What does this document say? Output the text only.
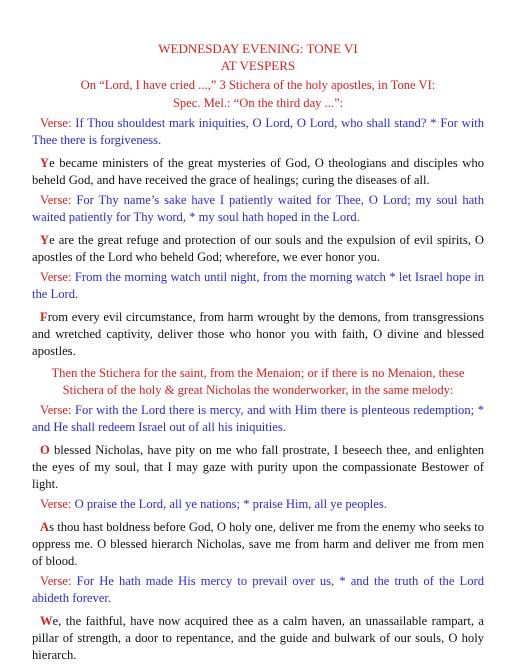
WEDNESDAY EVENING: TONE VI

AT VESPERS

On “Lord, I have cried ...,” 3 Stichera of the holy apostles, in Tone VI:

Spec. Mel.: “On the third day ...”:

Verse: If Thou shouldest mark iniquities, O Lord, O Lord, who shall stand? * For with Thee there is forgiveness.

Ye became ministers of the great mysteries of God, O theologians and disciples who beheld God, and have received the grace of healings; curing the diseases of all.

Verse: For Thy name’s sake have I patiently waited for Thee, O Lord; my soul hath waited patiently for Thy word, * my soul hath hoped in the Lord.

Ye are the great refuge and protection of our souls and the expulsion of evil spirits, O apostles of the Lord who beheld God; wherefore, we ever honor you.

Verse: From the morning watch until night, from the morning watch * let Israel hope in the Lord.

From every evil circumstance, from harm wrought by the demons, from transgressions and wretched captivity, deliver those who honor you with faith, O divine and blessed apostles.

Then the Stichera for the saint, from the Menaion; or if there is no Menaion, these Stichera of the holy & great Nicholas the wonderworker, in the same melody:

Verse: For with the Lord there is mercy, and with Him there is plenteous redemption; * and He shall redeem Israel out of all his iniquities.

O blessed Nicholas, have pity on me who fall prostrate, I beseech thee, and enlighten the eyes of my soul, that I may gaze with purity upon the compassionate Bestower of light.

Verse: O praise the Lord, all ye nations; * praise Him, all ye peoples.

As thou hast boldness before God, O holy one, deliver me from the enemy who seeks to oppress me. O blessed hierarch Nicholas, save me from harm and deliver me from men of blood.

Verse: For He hath made His mercy to prevail over us, * and the truth of the Lord abideth forever.

We, the faithful, have now acquired thee as a calm haven, an unassailable rampart, a pillar of strength, a door to repentance, and the guide and bulwark of our souls, O holy hierarch.
